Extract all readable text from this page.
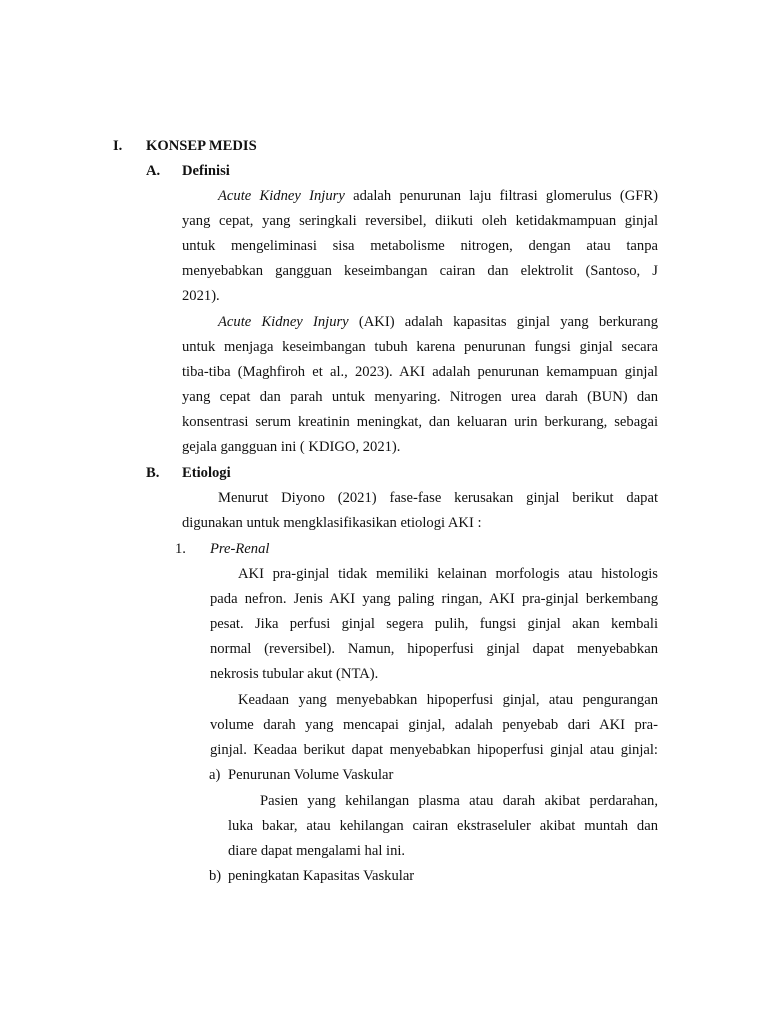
I. KONSEP MEDIS
A. Definisi
Acute Kidney Injury adalah penurunan laju filtrasi glomerulus (GFR)
yang cepat, yang seringkali reversibel, diikuti oleh ketidakmampuan ginjal
untuk mengeliminasi sisa metabolisme nitrogen, dengan atau tanpa
menyebabkan gangguan keseimbangan cairan dan elektrolit (Santoso, J
2021).
Acute Kidney Injury (AKI) adalah kapasitas ginjal yang berkurang
untuk menjaga keseimbangan tubuh karena penurunan fungsi ginjal secara
tiba-tiba (Maghfiroh et al., 2023). AKI adalah penurunan kemampuan ginjal
yang cepat dan parah untuk menyaring. Nitrogen urea darah (BUN) dan
konsentrasi serum kreatinin meningkat, dan keluaran urin berkurang, sebagai
gejala gangguan ini ( KDIGO, 2021).
B. Etiologi
Menurut Diyono (2021) fase-fase kerusakan ginjal berikut dapat
digunakan untuk mengklasifikasikan etiologi AKI :
1. Pre-Renal
AKI pra-ginjal tidak memiliki kelainan morfologis atau histologis
pada nefron. Jenis AKI yang paling ringan, AKI pra-ginjal berkembang
pesat. Jika perfusi ginjal segera pulih, fungsi ginjal akan kembali
normal (reversibel). Namun, hipoperfusi ginjal dapat menyebabkan
nekrosis tubular akut (NTA).
Keadaan yang menyebabkan hipoperfusi ginjal, atau pengurangan
volume darah yang mencapai ginjal, adalah penyebab dari AKI pra-
ginjal. Keadaa berikut dapat menyebabkan hipoperfusi ginjal atau ginjal:
a) Penurunan Volume Vaskular
Pasien yang kehilangan plasma atau darah akibat perdarahan,
luka bakar, atau kehilangan cairan ekstraseluler akibat muntah dan
diare dapat mengalami hal ini.
b) peningkatan Kapasitas Vaskular
